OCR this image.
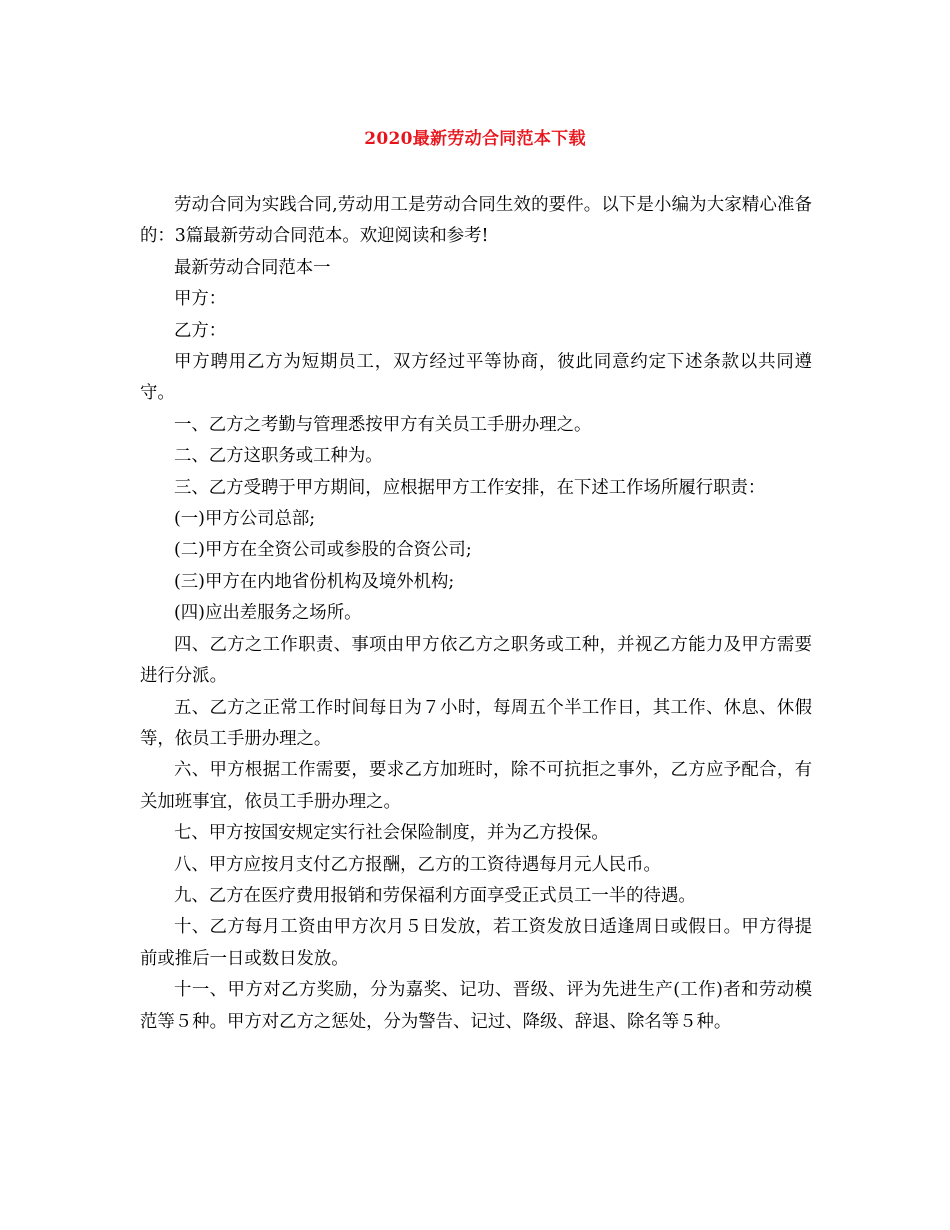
2020最新劳动合同范本下载

劳动合同为实践合同,劳动用工是劳动合同生效的要件。以下是小编为大家精心准备的：3篇最新劳动合同范本。欢迎阅读和参考!

最新劳动合同范本一

甲方：

乙方：

甲方聘用乙方为短期员工，双方经过平等协商，彼此同意约定下述条款以共同遵守。

一、乙方之考勤与管理悉按甲方有关员工手册办理之。

二、乙方这职务或工种为。

三、乙方受聘于甲方期间，应根据甲方工作安排，在下述工作场所履行职责：

(一)甲方公司总部;

(二)甲方在全资公司或参股的合资公司;

(三)甲方在内地省份机构及境外机构;

(四)应出差服务之场所。

四、乙方之工作职责、事项由甲方依乙方之职务或工种，并视乙方能力及甲方需要进行分派。

五、乙方之正常工作时间每日为７小时，每周五个半工作日，其工作、休息、休假等，依员工手册办理之。

六、甲方根据工作需要，要求乙方加班时，除不可抗拒之事外，乙方应予配合，有关加班事宜，依员工手册办理之。

七、甲方按国安规定实行社会保险制度，并为乙方投保。

八、甲方应按月支付乙方报酬，乙方的工资待遇每月元人民币。

九、乙方在医疗费用报销和劳保福利方面享受正式员工一半的待遇。

十、乙方每月工资由甲方次月５日发放，若工资发放日适逢周日或假日。甲方得提前或推后一日或数日发放。

十一、甲方对乙方奖励，分为嘉奖、记功、晋级、评为先进生产(工作)者和劳动模范等５种。甲方对乙方之惩处，分为警告、记过、降级、辞退、除名等５种。
